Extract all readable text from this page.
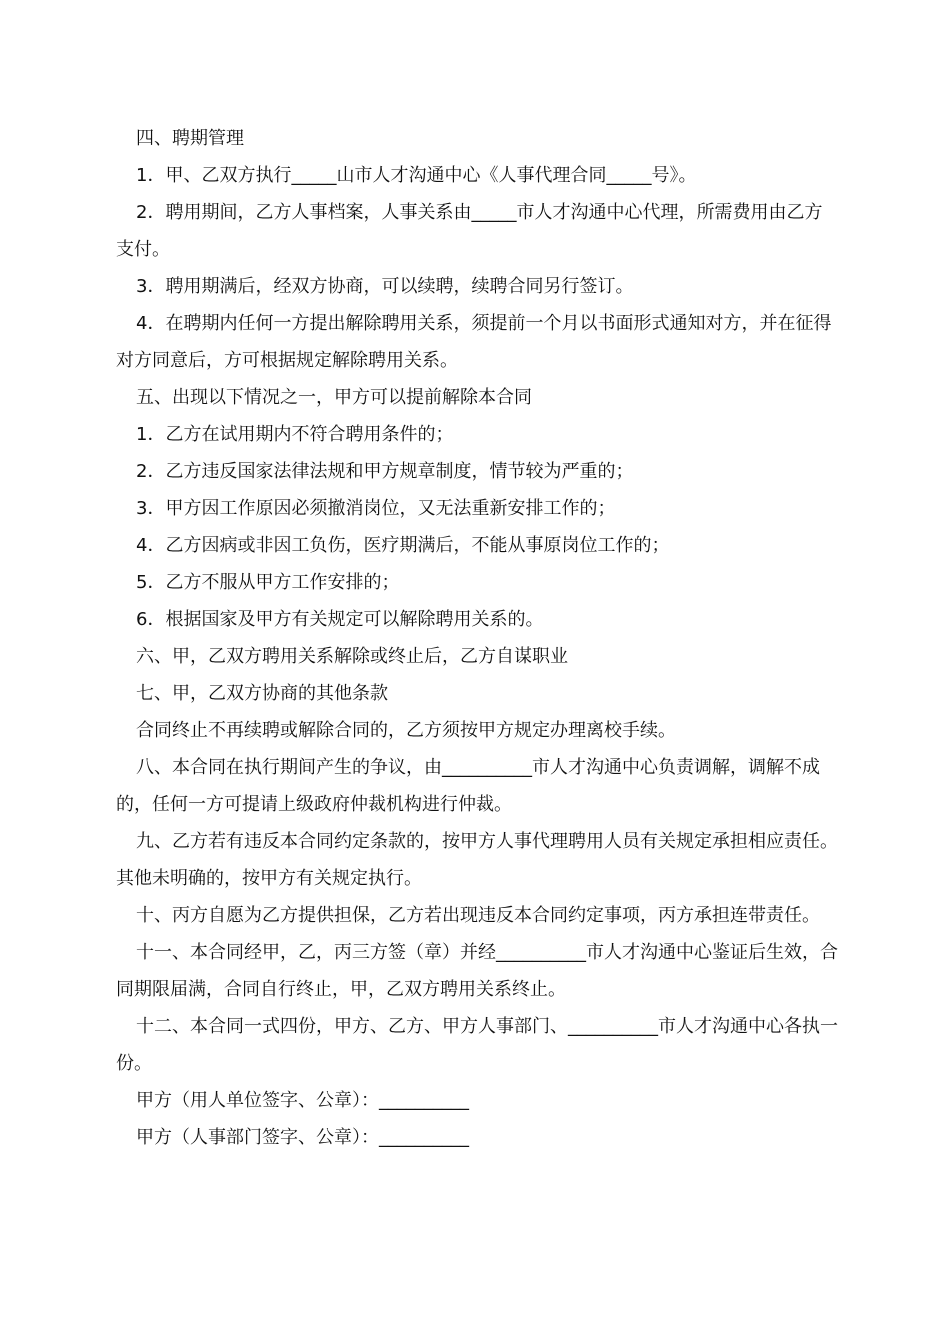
四、聘期管理

1．甲、乙双方执行_____山市人才沟通中心《人事代理合同_____号》。

2．聘用期间，乙方人事档案，人事关系由_____市人才沟通中心代理，所需费用由乙方支付。

3．聘用期满后，经双方协商，可以续聘，续聘合同另行签订。

4．在聘期内任何一方提出解除聘用关系，须提前一个月以书面形式通知对方，并在征得对方同意后，方可根据规定解除聘用关系。

五、出现以下情况之一，甲方可以提前解除本合同

1．乙方在试用期内不符合聘用条件的；

2．乙方违反国家法律法规和甲方规章制度，情节较为严重的；

3．甲方因工作原因必须撤消岗位，又无法重新安排工作的；

4．乙方因病或非因工负伤，医疗期满后，不能从事原岗位工作的；

5．乙方不服从甲方工作安排的；

6．根据国家及甲方有关规定可以解除聘用关系的。

六、甲，乙双方聘用关系解除或终止后，乙方自谋职业

七、甲，乙双方协商的其他条款

合同终止不再续聘或解除合同的，乙方须按甲方规定办理离校手续。

八、本合同在执行期间产生的争议，由__________市人才沟通中心负责调解，调解不成的，任何一方可提请上级政府仲裁机构进行仲裁。

九、乙方若有违反本合同约定条款的，按甲方人事代理聘用人员有关规定承担相应责任。其他未明确的，按甲方有关规定执行。

十、丙方自愿为乙方提供担保，乙方若出现违反本合同约定事项，丙方承担连带责任。

十一、本合同经甲，乙，丙三方签（章）并经__________市人才沟通中心鉴证后生效，合同期限届满，合同自行终止，甲，乙双方聘用关系终止。

十二、本合同一式四份，甲方、乙方、甲方人事部门、__________市人才沟通中心各执一份。

甲方（用人单位签字、公章）：__________

甲方（人事部门签字、公章）：__________
